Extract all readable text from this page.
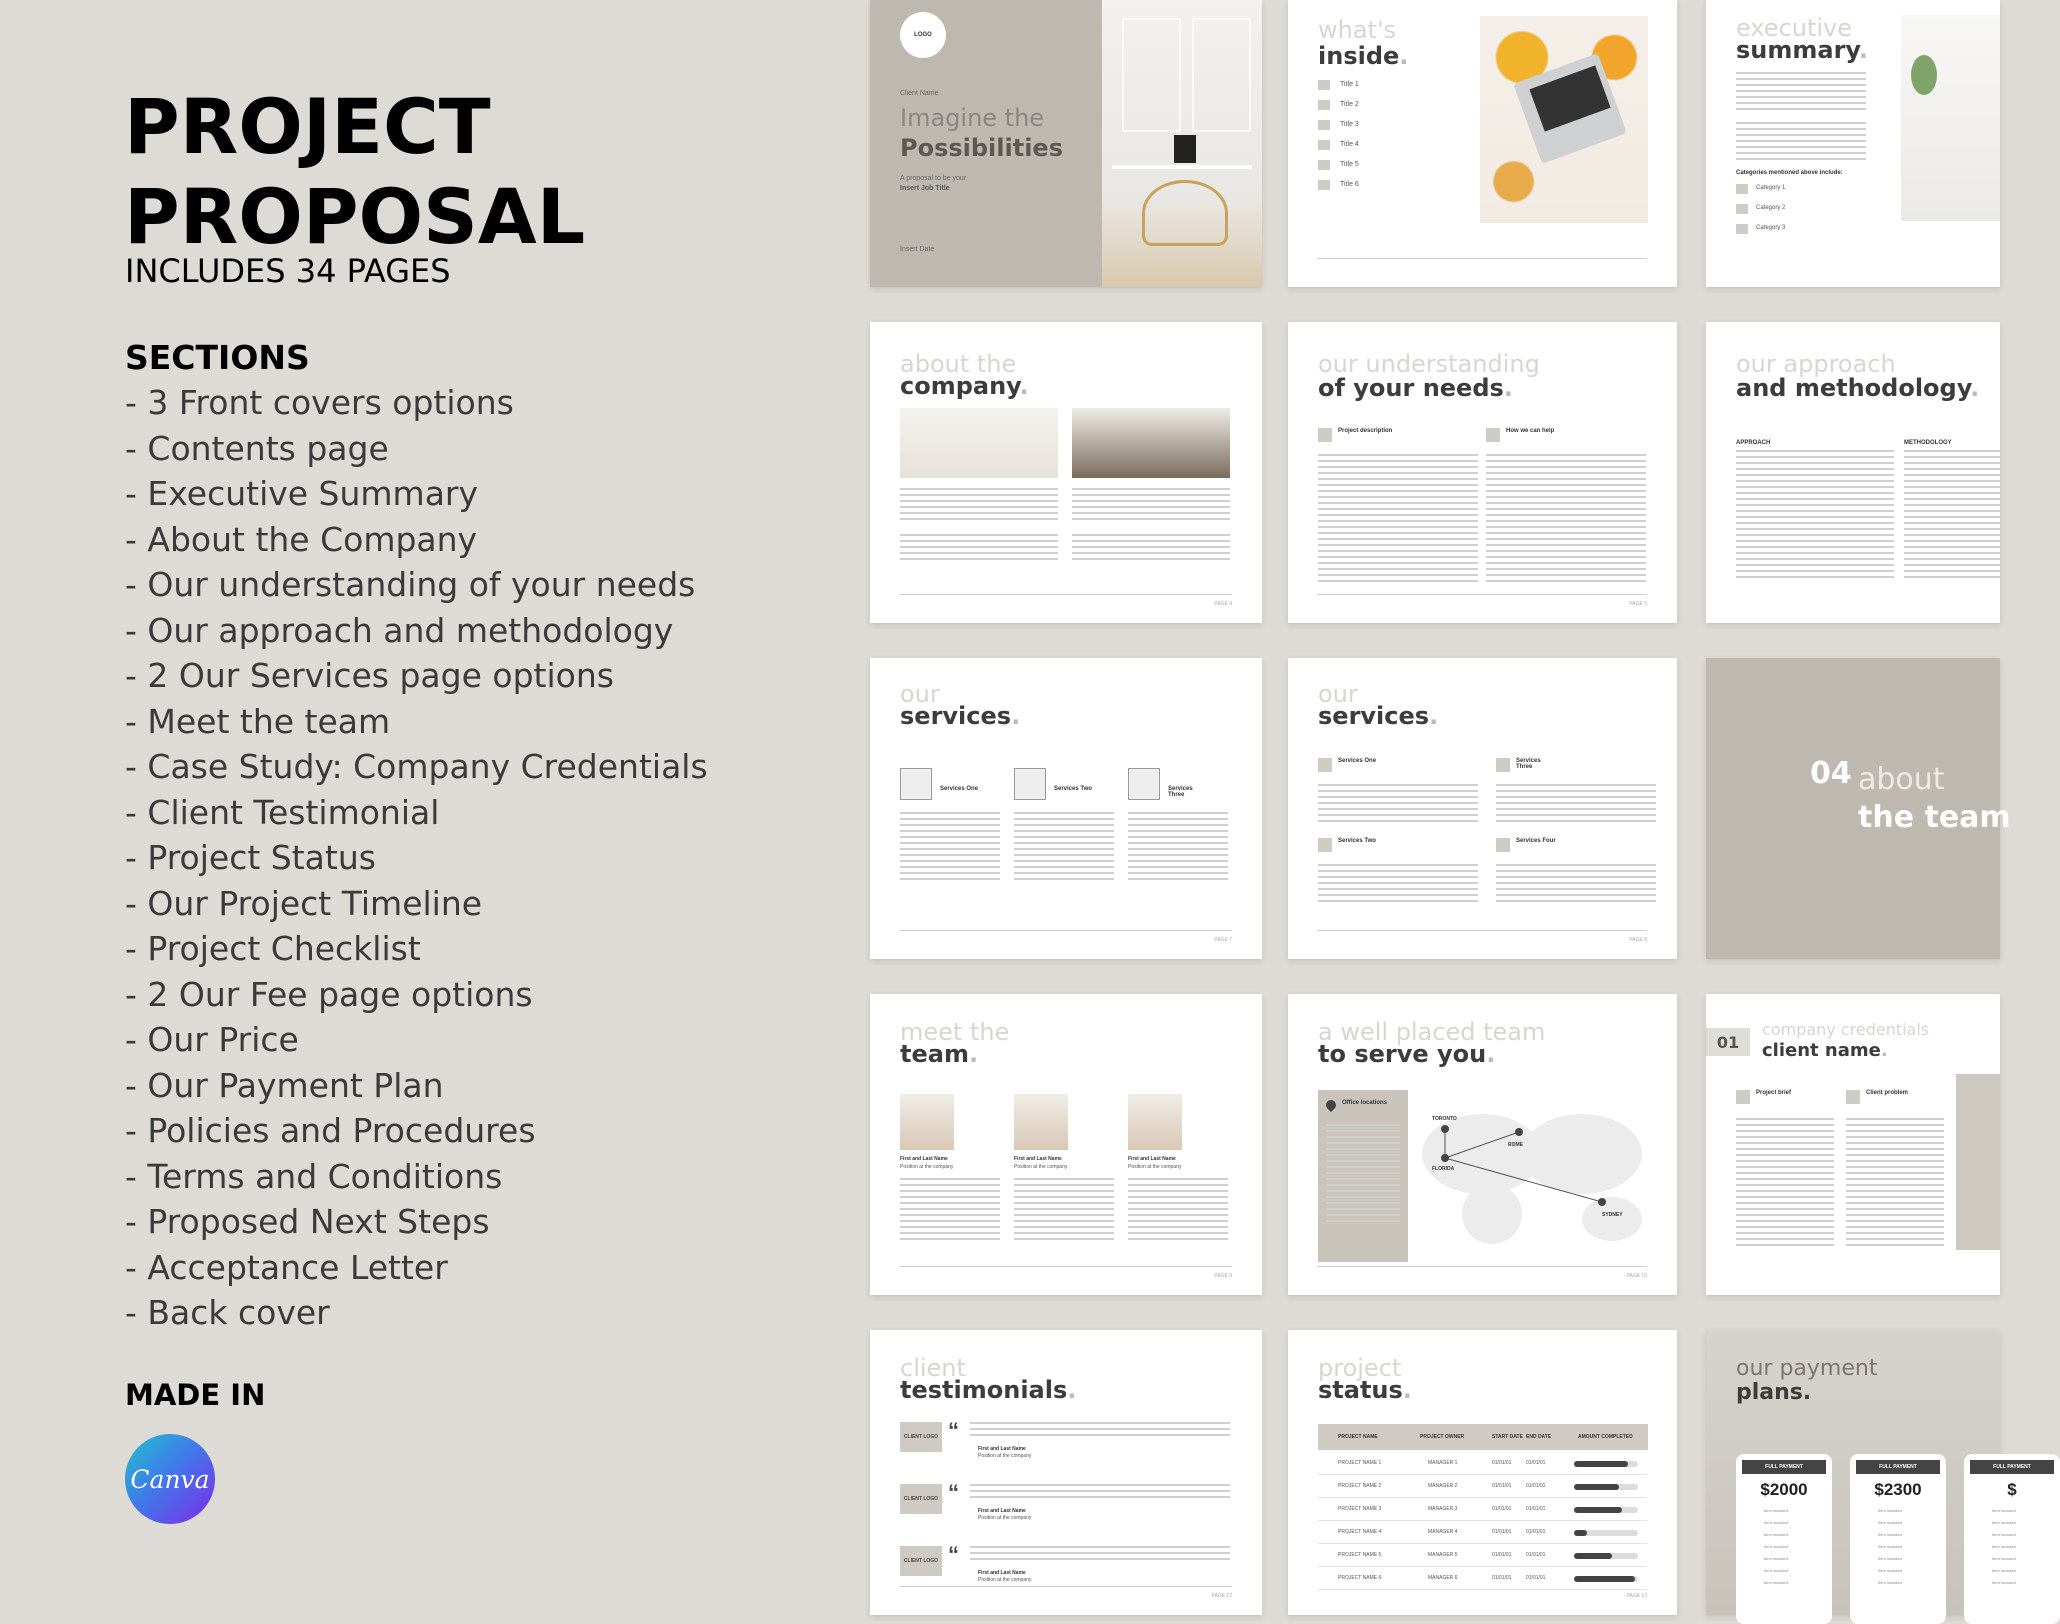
PROJECT
PROPOSAL
INCLUDES 34 PAGES
SECTIONS
- 3 Front covers options
- Contents page
- Executive Summary
- About the Company
- Our understanding of your needs
- Our approach and methodology
- 2 Our Services page options
- Meet the team
- Case Study: Company Credentials
- Client Testimonial
- Project Status
- Our Project Timeline
- Project Checklist
- 2 Our Fee page options
- Our Price
- Our Payment Plan
- Policies and Procedures
- Terms and Conditions
- Proposed Next Steps
- Acceptance Letter
- Back cover
MADE IN
Canva
LOGO
Client Name
Imagine the
Possibilities
A proposal to be your
Insert Job Title
Insert Date
what's
inside .
Title 1
Title 2
Title 3
Title 4
Title 5
Title 6
executive
summary .
Categories mentioned above include:
Category 1
Category 2
Category 3
about the
company .
PAGE 4
our understanding
of your needs .
Project description	How we can help
PAGE 5
our approach
and methodology .
APPROACH	METHODOLOGY
our
services .
Services One	Services Two	Services Three
PAGE 7
our
services .
Services One	Services Three
Services Two	Services Four
PAGE 8
04 about
the team
meet the
team .
First and Last Name
Position at the company
First and Last Name
Position at the company
First and Last Name
Position at the company
PAGE 9
a well placed team
to serve you .
Office locations
TORONTO
ROME
FLORIDA
SYDNEY
PAGE 10
01
company credentials
client name .
Project brief	Client problem
client
testimonials .
CLIENT LOGO “
First and Last Name
Position at the company
CLIENT LOGO “
First and Last Name
Position at the company
CLIENT LOGO “
First and Last Name
Position at the company
PAGE 12
project
status .
PROJECT NAME	PROJECT OWNER	START DATE END DATE	AMOUNT COMPLETED
PROJECT NAME 1	MANAGER 1	01/01/01	01/01/01
PROJECT NAME 2	MANAGER 2	01/01/01	01/01/01
PROJECT NAME 3	MANAGER 3	01/01/01	01/01/01
PROJECT NAME 4	MANAGER 4	01/01/01	01/01/01
PROJECT NAME 5	MANAGER 5	01/01/01	01/01/01
PROJECT NAME 6	MANAGER 6	01/01/01	01/01/01
PAGE 13
our payment
plans.
FULL PAYMENT
$2000
Item included
Item included
Item included
Item included
Item included
Item included
Item included
FULL PAYMENT
$2300
Item included
Item included
Item included
Item included
Item included
Item included
Item included
FULL PAYMENT
$
Item included
Item included
Item included
Item included
Item included
Item included
Item included
